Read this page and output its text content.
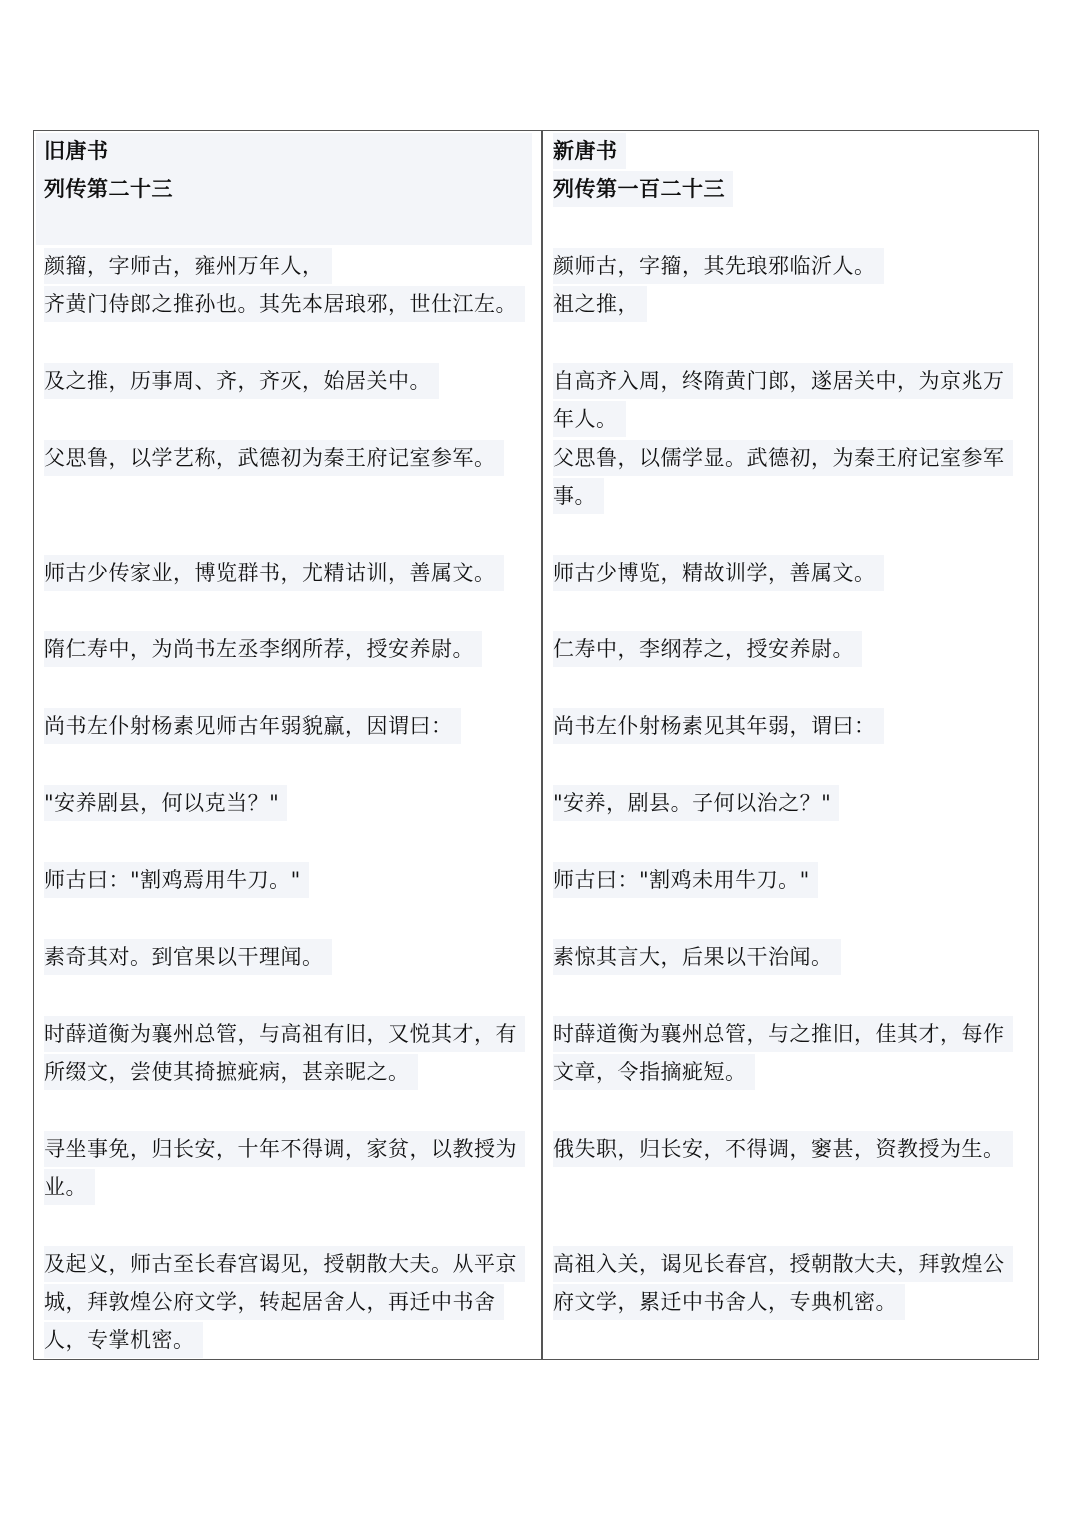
旧唐书
列传第二十三
颜籀，字师古，雍州万年人，
齐黄门侍郎之推孙也。其先本居琅邪，世仕江左。
及之推，历事周、齐，齐灭，始居关中。
父思鲁，以学艺称，武德初为秦王府记室参军。
师古少传家业，博览群书，尤精诂训，善属文。
隋仁寿中，为尚书左丞李纲所荐，授安养尉。
尚书左仆射杨素见师古年弱貌羸，因谓曰：
"安养剧县，何以克当？"
师古曰："割鸡焉用牛刀。"
素奇其对。到官果以干理闻。
时薛道衡为襄州总管，与高祖有旧，又悦其才，有
所缀文，尝使其掎摭疵病，甚亲昵之。
寻坐事免，归长安，十年不得调，家贫，以教授为
业。
及起义，师古至长春宫谒见，授朝散大夫。从平京
城，拜敦煌公府文学，转起居舍人，再迁中书舍
人，专掌机密。
新唐书
列传第一百二十三
颜师古，字籀，其先琅邪临沂人。
祖之推，
自高齐入周，终隋黄门郎，遂居关中，为京兆万
年人。
父思鲁，以儒学显。武德初，为秦王府记室参军
事。
师古少博览，精故训学，善属文。
仁寿中，李纲荐之，授安养尉。
尚书左仆射杨素见其年弱，谓曰：
"安养，剧县。子何以治之？"
师古曰："割鸡未用牛刀。"
素惊其言大，后果以干治闻。
时薛道衡为襄州总管，与之推旧，佳其才，每作
文章，令指摘疵短。
俄失职，归长安，不得调，窭甚，资教授为生。
高祖入关，谒见长春宫，授朝散大夫，拜敦煌公
府文学，累迁中书舍人，专典机密。
